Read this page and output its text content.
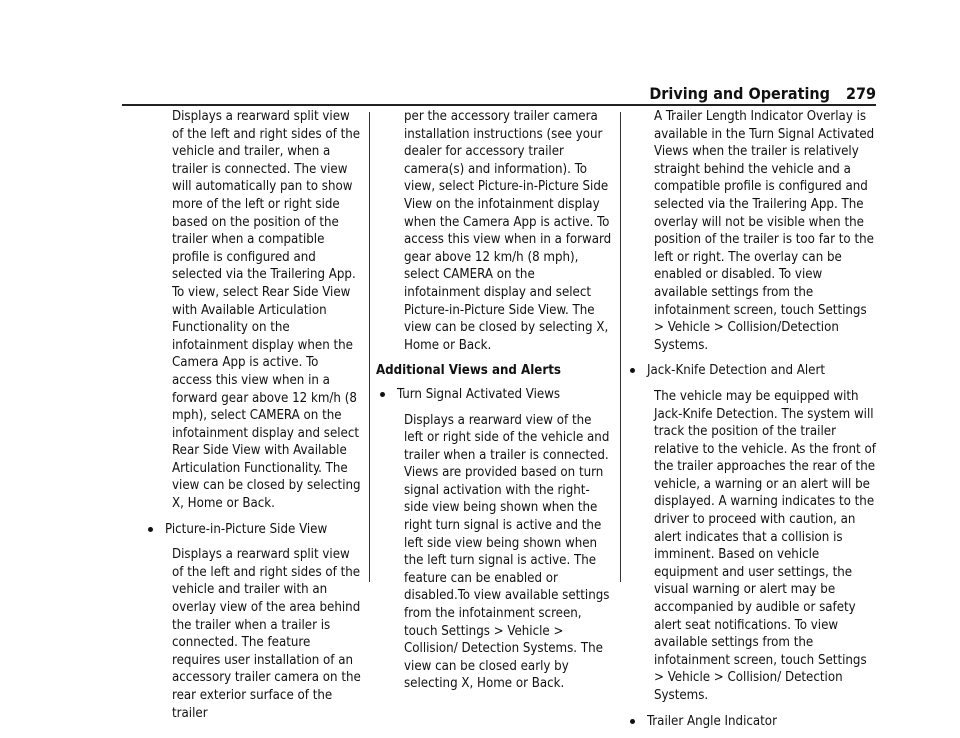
Driving and Operating 279

Displays a rearward split view of the left and right sides of the vehicle and trailer, when a trailer is connected. The view will automatically pan to show more of the left or right side based on the position of the trailer when a compatible profile is configured and selected via the Trailering App. To view, select Rear Side View with Available Articulation Functionality on the infotainment display when the Camera App is active. To access this view when in a forward gear above 12 km/h (8 mph), select CAMERA on the infotainment display and select Rear Side View with Available Articulation Functionality. The view can be closed by selecting X, Home or Back.

Picture-in-Picture Side View

Displays a rearward split view of the left and right sides of the vehicle and trailer with an overlay view of the area behind the trailer when a trailer is connected. The feature requires user installation of an accessory trailer camera on the rear exterior surface of the trailer

per the accessory trailer camera installation instructions (see your dealer for accessory trailer camera(s) and information). To view, select Picture-in-Picture Side View on the infotainment display when the Camera App is active. To access this view when in a forward gear above 12 km/h (8 mph), select CAMERA on the infotainment display and select Picture-in-Picture Side View. The view can be closed by selecting X, Home or Back.

Additional Views and Alerts
Turn Signal Activated Views

Displays a rearward view of the left or right side of the vehicle and trailer when a trailer is connected. Views are provided based on turn signal activation with the right-side view being shown when the right turn signal is active and the left side view being shown when the left turn signal is active. The feature can be enabled or disabled.To view available settings from the infotainment screen, touch Settings > Vehicle > Collision/ Detection Systems. The view can be closed early by selecting X, Home or Back.

A Trailer Length Indicator Overlay is available in the Turn Signal Activated Views when the trailer is relatively straight behind the vehicle and a compatible profile is configured and selected via the Trailering App. The overlay will not be visible when the position of the trailer is too far to the left or right. The overlay can be enabled or disabled. To view available settings from the infotainment screen, touch Settings > Vehicle > Collision/Detection Systems.

Jack-Knife Detection and Alert

The vehicle may be equipped with Jack-Knife Detection. The system will track the position of the trailer relative to the vehicle. As the front of the trailer approaches the rear of the vehicle, a warning or an alert will be displayed. A warning indicates to the driver to proceed with caution, an alert indicates that a collision is imminent. Based on vehicle equipment and user settings, the visual warning or alert may be accompanied by audible or safety alert seat notifications. To view available settings from the infotainment screen, touch Settings > Vehicle > Collision/ Detection Systems.

Trailer Angle Indicator
